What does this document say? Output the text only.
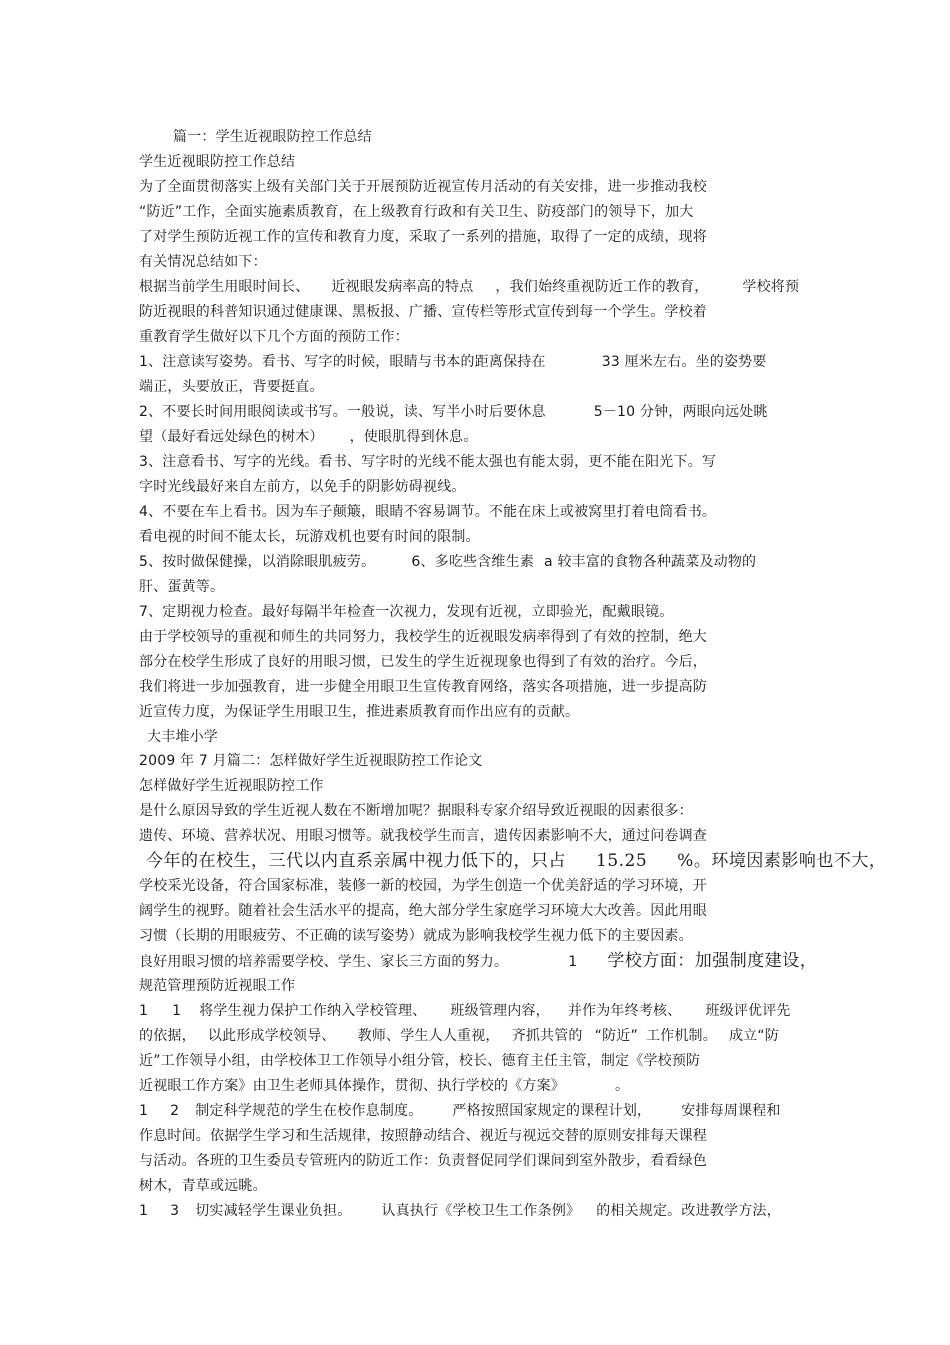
篇一：学生近视眼防控工作总结
学生近视眼防控工作总结
为了全面贯彻落实上级有关部门关于开展预防近视宣传月活动的有关安排，进一步推动我校
“防近”工作，全面实施素质教育，在上级教育行政和有关卫生、防疫部门的领导下，加大
了对学生预防近视工作的宣传和教育力度，采取了一系列的措施，取得了一定的成绩，现将
有关情况总结如下：
根据当前学生用眼时间长、 近视眼发病率高的特点 ，我们始终重视防近工作的教育， 学校将预
防近视眼的科普知识通过健康课、黑板报、广播、宣传栏等形式宣传到每一个学生。学校着
重教育学生做好以下几个方面的预防工作：
1、注意读写姿势。看书、写字的时候，眼睛与书本的距离保持在	33 厘米左右。坐的姿势要
端正，头要放正，背要挺直。
2、不要长时间用眼阅读或书写。一般说，读、写半小时后要休息	5－10 分钟，两眼向远处眺
望（最好看远处绿色的树木） ，使眼肌得到休息。
3、注意看书、写字的光线。看书、写字时的光线不能太强也有能太弱，更不能在阳光下。写
字时光线最好来自左前方，以免手的阴影妨碍视线。
4、不要在车上看书。因为车子颠簸，眼睛不容易调节。不能在床上或被窝里打着电筒看书。
看电视的时间不能太长，玩游戏机也要有时间的限制。
5、按时做保健操，以消除眼肌疲劳。	6、多吃些含维生素 a 较丰富的食物各种蔬菜及动物的
肝、蛋黄等。
7、定期视力检查。最好每隔半年检查一次视力，发现有近视，立即验光，配戴眼镜。
由于学校领导的重视和师生的共同努力，我校学生的近视眼发病率得到了有效的控制，绝大
部分在校学生形成了良好的用眼习惯，已发生的学生近视现象也得到了有效的治疗。今后，
我们将进一步加强教育，进一步健全用眼卫生宣传教育网络，落实各项措施，进一步提高防
近宣传力度，为保证学生用眼卫生，推进素质教育而作出应有的贡献。
大丰堆小学
2009 年 7 月篇二：怎样做好学生近视眼防控工作论文
怎样做好学生近视眼防控工作
是什么原因导致的学生近视人数在不断增加呢？据眼科专家介绍导致近视眼的因素很多：
遗传、环境、营养状况、用眼习惯等。就我校学生而言，遗传因素影响不大，通过问卷调查
今年的在校生，三代以内直系亲属中视力低下的，只占 15.25 %。环境因素影响也不大，
学校采光设备，符合国家标准，装修一新的校园，为学生创造一个优美舒适的学习环境，开
阔学生的视野。随着社会生活水平的提高，绝大部分学生家庭学习环境大大改善。因此用眼
习惯（长期的用眼疲劳、不正确的读写姿势）就成为影响我校学生视力低下的主要因素。
良好用眼习惯的培养需要学校、学生、家长三方面的努力。	1 学校方面：加强制度建设，
规范管理预防近视眼工作
1 1 将学生视力保护工作纳入学校管理、 班级管理内容， 并作为年终考核、 班级评优评先
的依据， 以此形成学校领导、 教师、学生人人重视， 齐抓共管的 “防近” 工作机制。 成立“防
近”工作领导小组，由学校体卫工作领导小组分管，校长、德育主任主管，制定《学校预防
近视眼工作方案》由卫生老师具体操作，贯彻、执行学校的《方案》	。
1 2 制定科学规范的学生在校作息制度。 严格按照国家规定的课程计划， 安排每周课程和
作息时间。依据学生学习和生活规律，按照静动结合、视近与视远交替的原则安排每天课程
与活动。各班的卫生委员专管班内的防近工作：负责督促同学们课间到室外散步，看看绿色
树木，青草或远眺。
1 3 切实减轻学生课业负担。 认真执行《学校卫生工作条例》 的相关规定。改进教学方法，
